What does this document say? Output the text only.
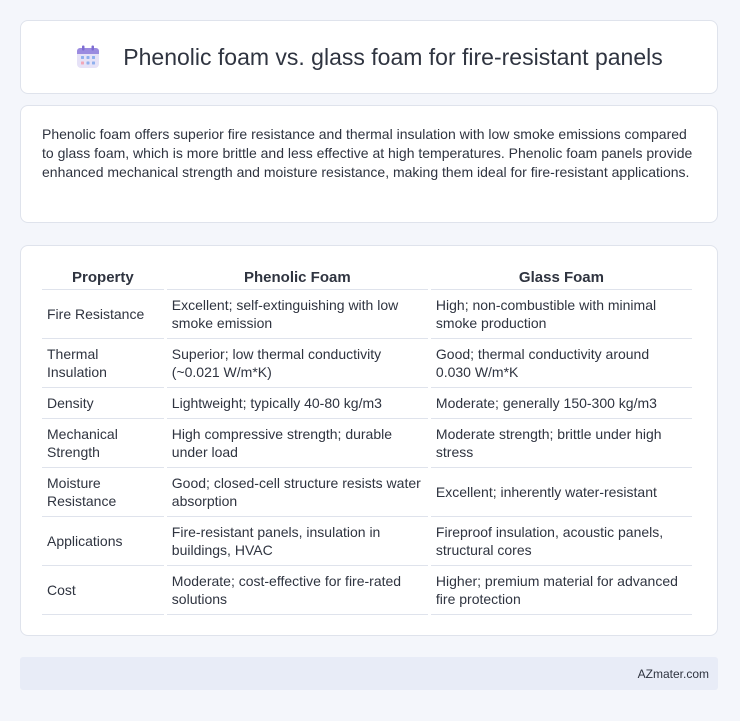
Phenolic foam vs. glass foam for fire-resistant panels

Phenolic foam offers superior fire resistance and thermal insulation with low smoke emissions compared to glass foam, which is more brittle and less effective at high temperatures. Phenolic foam panels provide enhanced mechanical strength and moisture resistance, making them ideal for fire-resistant applications.

Property	Phenolic Foam	Glass Foam
Fire Resistance	Excellent; self-extinguishing with low smoke emission	High; non-combustible with minimal smoke production
Thermal Insulation	Superior; low thermal conductivity (~0.021 W/m*K)	Good; thermal conductivity around 0.030 W/m*K
Density	Lightweight; typically 40-80 kg/m3	Moderate; generally 150-300 kg/m3
Mechanical Strength	High compressive strength; durable under load	Moderate strength; brittle under high stress
Moisture Resistance	Good; closed-cell structure resists water absorption	Excellent; inherently water-resistant
Applications	Fire-resistant panels, insulation in buildings, HVAC	Fireproof insulation, acoustic panels, structural cores
Cost	Moderate; cost-effective for fire-rated solutions	Higher; premium material for advanced fire protection
AZmater.com
